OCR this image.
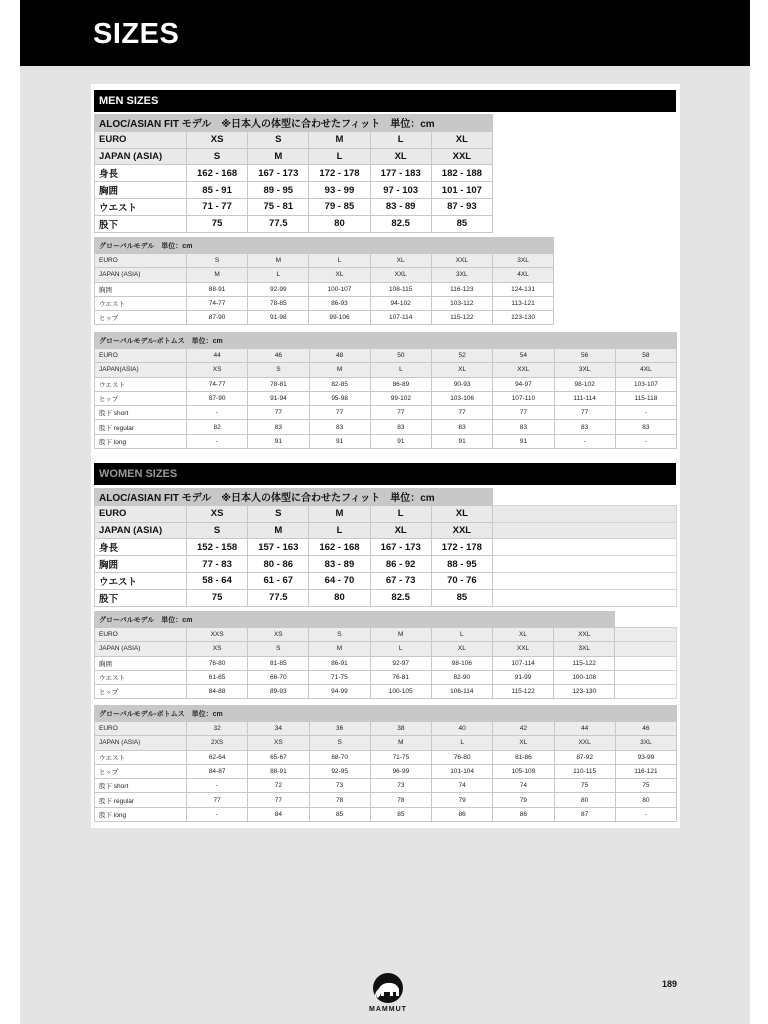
SIZES
MEN SIZES
ALOC/ASIAN FIT モデル　※日本人の体型に合わせたフィット　単位：cm					
EURO	XS	S	M	L	XL
JAPAN (ASIA)	S	M	L	XL	XXL
身長	162 - 168	167 - 173	172 - 178	177 - 183	182 - 188
胸囲	85 - 91	89 - 95	93 - 99	97 - 103	101 - 107
ウエスト	71 - 77	75 - 81	79 - 85	83 - 89	87 - 93
股下	75	77.5	80	82.5	85
グローバルモデル　単位：cm						
EURO	S	M	L	XL	XXL	3XL
JAPAN (ASIA)	M	L	XL	XXL	3XL	4XL
胸囲	88-91	92-99	100-107	108-115	116-123	124-131
ウエスト	74-77	78-85	86-93	94-102	103-112	113-121
ヒップ	87-90	91-98	99-106	107-114	115-122	123-130
グローバルモデル-ボトムス　単位：cm								
EURO	44	46	48	50	52	54	56	58
JAPAN(ASIA)	XS	S	M	L	XL	XXL	3XL	4XL
ウエスト	74-77	78-81	82-85	86-89	90-93	94-97	98-102	103-107
ヒップ	87-90	91-94	95-98	99-102	103-106	107-110	111-114	115-118
股下 short	-	77	77	77	77	77	77	-
股下 regular	82	83	83	83	83	83	83	83
股下 long	-	91	91	91	91	91	-	-
WOMEN SIZES
ALOC/ASIAN FIT モデル　※日本人の体型に合わせたフィット　単位：cm						
EURO	XS	S	M	L	XL	
JAPAN (ASIA)	S	M	L	XL	XXL	
身長	152 - 158	157 - 163	162 - 168	167 - 173	172 - 178	
胸囲	77 - 83	80 - 86	83 - 89	86 - 92	88 - 95	
ウエスト	58 - 64	61 - 67	64 - 70	67 - 73	70 - 76	
股下	75	77.5	80	82.5	85	
グローバルモデル　単位：cm								
EURO	XXS	XS	S	M	L	XL	XXL	
JAPAN (ASIA)	XS	S	M	L	XL	XXL	3XL	
胸囲	76-80	81-85	86-91	92-97	98-106	107-114	115-122	
ウエスト	61-65	66-70	71-75	76-81	82-90	91-99	100-108	
ヒップ	84-88	89-93	94-99	100-105	106-114	115-122	123-130	
グローバルモデル-ボトムス　単位：cm								
EURO	32	34	36	38	40	42	44	46
JAPAN (ASIA)	2XS	XS	S	M	L	XL	XXL	3XL
ウエスト	62-64	65-67	68-70	71-75	76-80	81-86	87-92	93-99
ヒップ	84-87	88-91	92-95	96-99	101-104	105-109	110-115	116-121
股下 short	-	72	73	73	74	74	75	75
股下 regular	77	77	78	78	79	79	80	80
股下 long	-	84	85	85	86	86	87	-
MAMMUT
189
